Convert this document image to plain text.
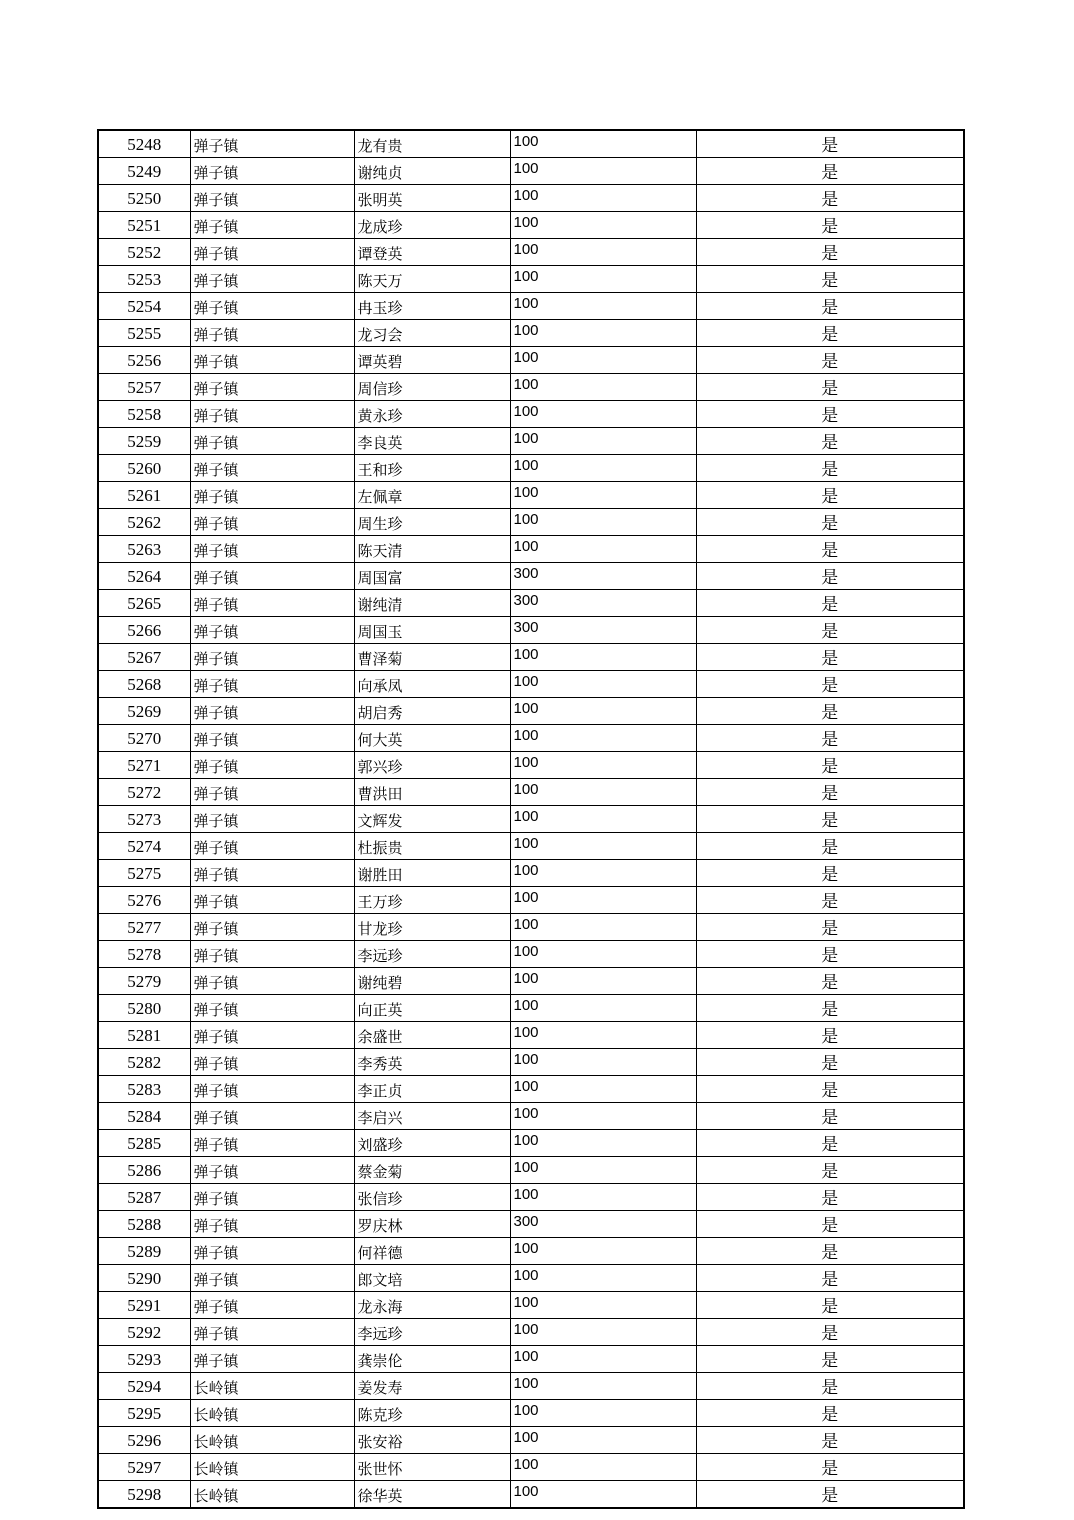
5248	弹子镇	龙有贵	100	是
5249	弹子镇	谢纯贞	100	是
5250	弹子镇	张明英	100	是
5251	弹子镇	龙成珍	100	是
5252	弹子镇	谭登英	100	是
5253	弹子镇	陈天万	100	是
5254	弹子镇	冉玉珍	100	是
5255	弹子镇	龙习会	100	是
5256	弹子镇	谭英碧	100	是
5257	弹子镇	周信珍	100	是
5258	弹子镇	黄永珍	100	是
5259	弹子镇	李良英	100	是
5260	弹子镇	王和珍	100	是
5261	弹子镇	左佩章	100	是
5262	弹子镇	周生珍	100	是
5263	弹子镇	陈天清	100	是
5264	弹子镇	周国富	300	是
5265	弹子镇	谢纯清	300	是
5266	弹子镇	周国玉	300	是
5267	弹子镇	曹泽菊	100	是
5268	弹子镇	向承凤	100	是
5269	弹子镇	胡启秀	100	是
5270	弹子镇	何大英	100	是
5271	弹子镇	郭兴珍	100	是
5272	弹子镇	曹洪田	100	是
5273	弹子镇	文辉发	100	是
5274	弹子镇	杜振贵	100	是
5275	弹子镇	谢胜田	100	是
5276	弹子镇	王万珍	100	是
5277	弹子镇	甘龙珍	100	是
5278	弹子镇	李远珍	100	是
5279	弹子镇	谢纯碧	100	是
5280	弹子镇	向正英	100	是
5281	弹子镇	余盛世	100	是
5282	弹子镇	李秀英	100	是
5283	弹子镇	李正贞	100	是
5284	弹子镇	李启兴	100	是
5285	弹子镇	刘盛珍	100	是
5286	弹子镇	蔡金菊	100	是
5287	弹子镇	张信珍	100	是
5288	弹子镇	罗庆林	300	是
5289	弹子镇	何祥德	100	是
5290	弹子镇	郎文培	100	是
5291	弹子镇	龙永海	100	是
5292	弹子镇	李远珍	100	是
5293	弹子镇	龚崇伦	100	是
5294	长岭镇	姜发寿	100	是
5295	长岭镇	陈克珍	100	是
5296	长岭镇	张安裕	100	是
5297	长岭镇	张世怀	100	是
5298	长岭镇	徐华英	100	是
